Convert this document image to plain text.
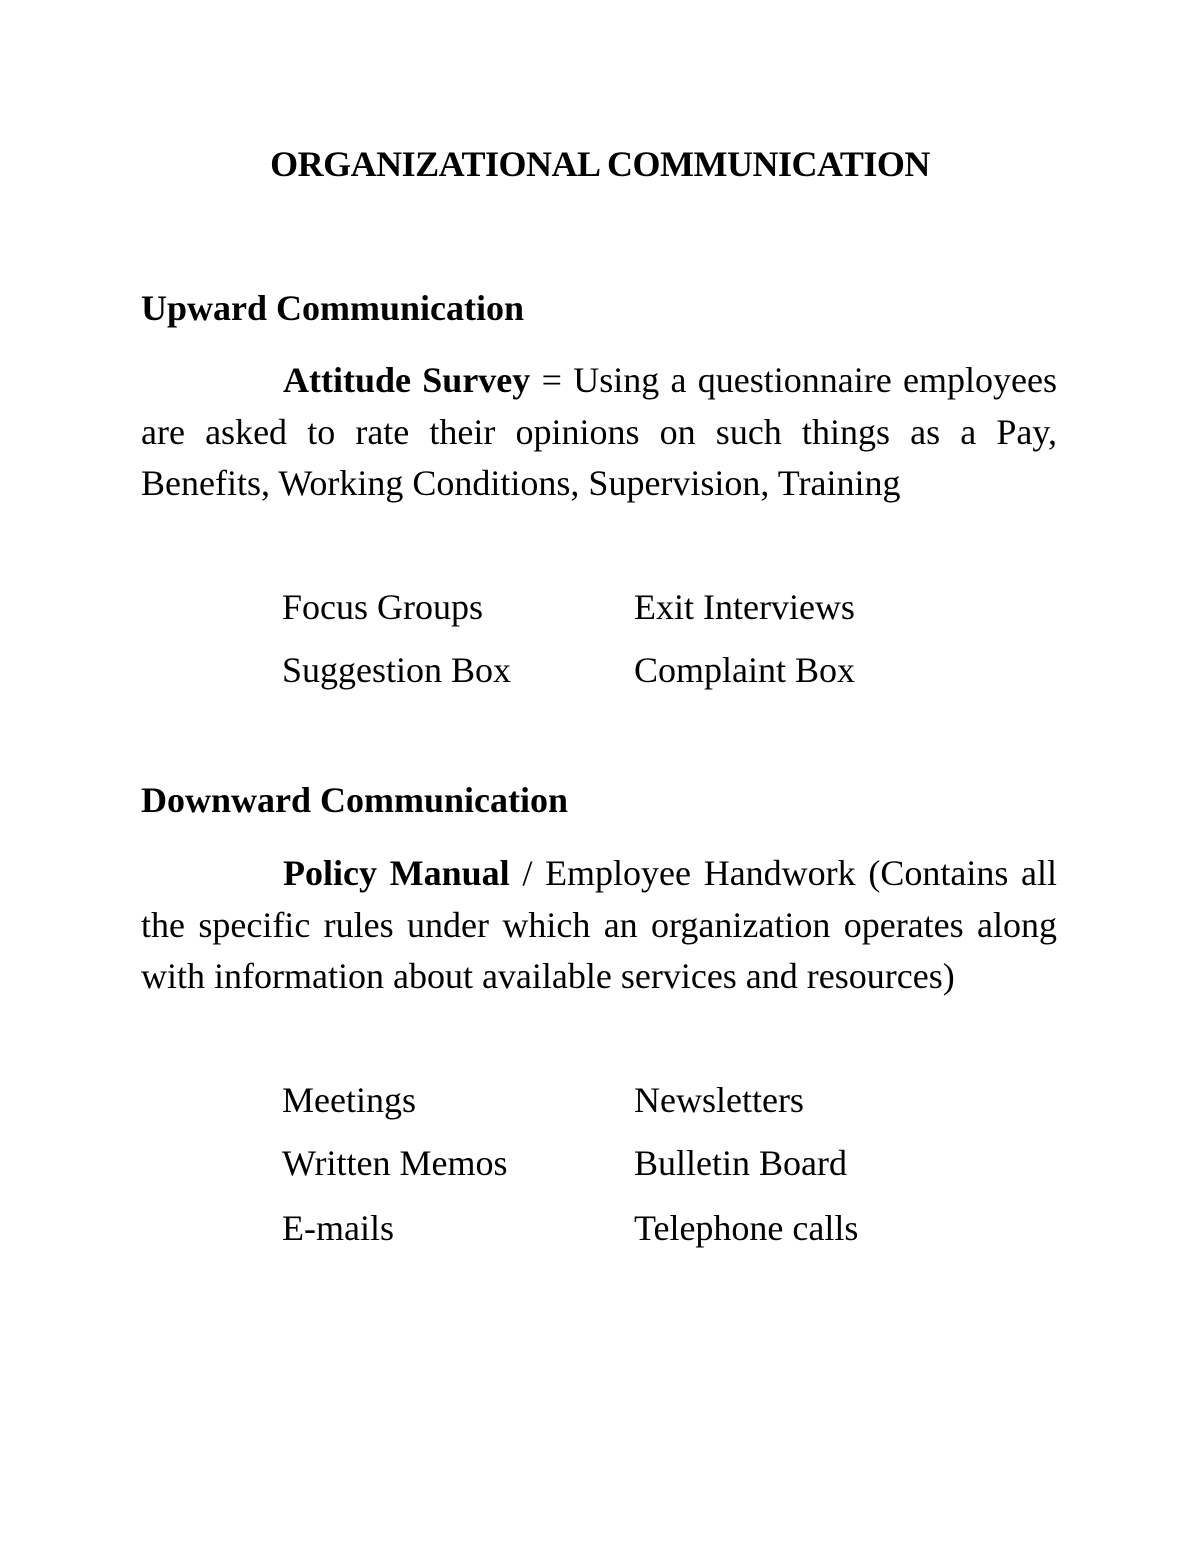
ORGANIZATIONAL COMMUNICATION
Upward Communication
Attitude Survey = Using a questionnaire employees are asked to rate their opinions on such things as a Pay, Benefits, Working Conditions, Supervision, Training
Focus Groups	Exit Interviews
Suggestion Box	Complaint Box
Downward Communication
Policy Manual / Employee Handwork (Contains all the specific rules under which an organization operates along with information about available services and resources)
Meetings	Newsletters
Written Memos	Bulletin Board
E-mails	Telephone calls
